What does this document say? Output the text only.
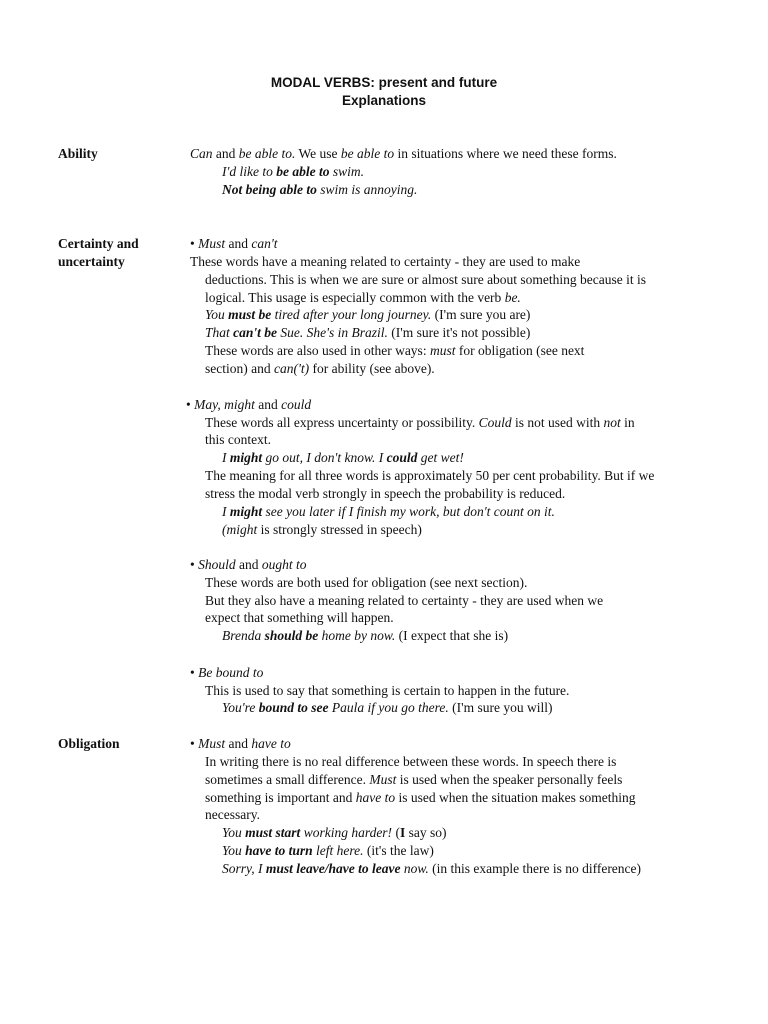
MODAL VERBS: present and future
Explanations
Ability	Can and be able to. We use be able to in situations where we need these forms.
I'd like to be able to swim.
Not being able to swim is annoying.
Certainty and
uncertainty
• Must and can't
These words have a meaning related to certainty - they are used to make
deductions. This is when we are sure or almost sure about something because it is
logical. This usage is especially common with the verb be.
You must be tired after your long journey. (I'm sure you are)
That can't be Sue. She's in Brazil. (I'm sure it's not possible)
These words are also used in other ways: must for obligation (see next
section) and can('t) for ability (see above).
• May, might and could
These words all express uncertainty or possibility. Could is not used with not in
this context.
I might go out, I don't know. I could get wet!
The meaning for all three words is approximately 50 per cent probability. But if we
stress the modal verb strongly in speech the probability is reduced.
I might see you later if I finish my work, but don't count on it.
(might is strongly stressed in speech)
• Should and ought to
These words are both used for obligation (see next section).
But they also have a meaning related to certainty - they are used when we
expect that something will happen.
Brenda should be home by now. (I expect that she is)
• Be bound to
This is used to say that something is certain to happen in the future.
You're bound to see Paula if you go there. (I'm sure you will)
Obligation	• Must and have to
In writing there is no real difference between these words. In speech there is
sometimes a small difference. Must is used when the speaker personally feels
something is important and have to is used when the situation makes something
necessary.
You must start working harder! (I say so)
You have to turn left here. (it's the law)
Sorry, I must leave/have to leave now. (in this example there is no difference)
